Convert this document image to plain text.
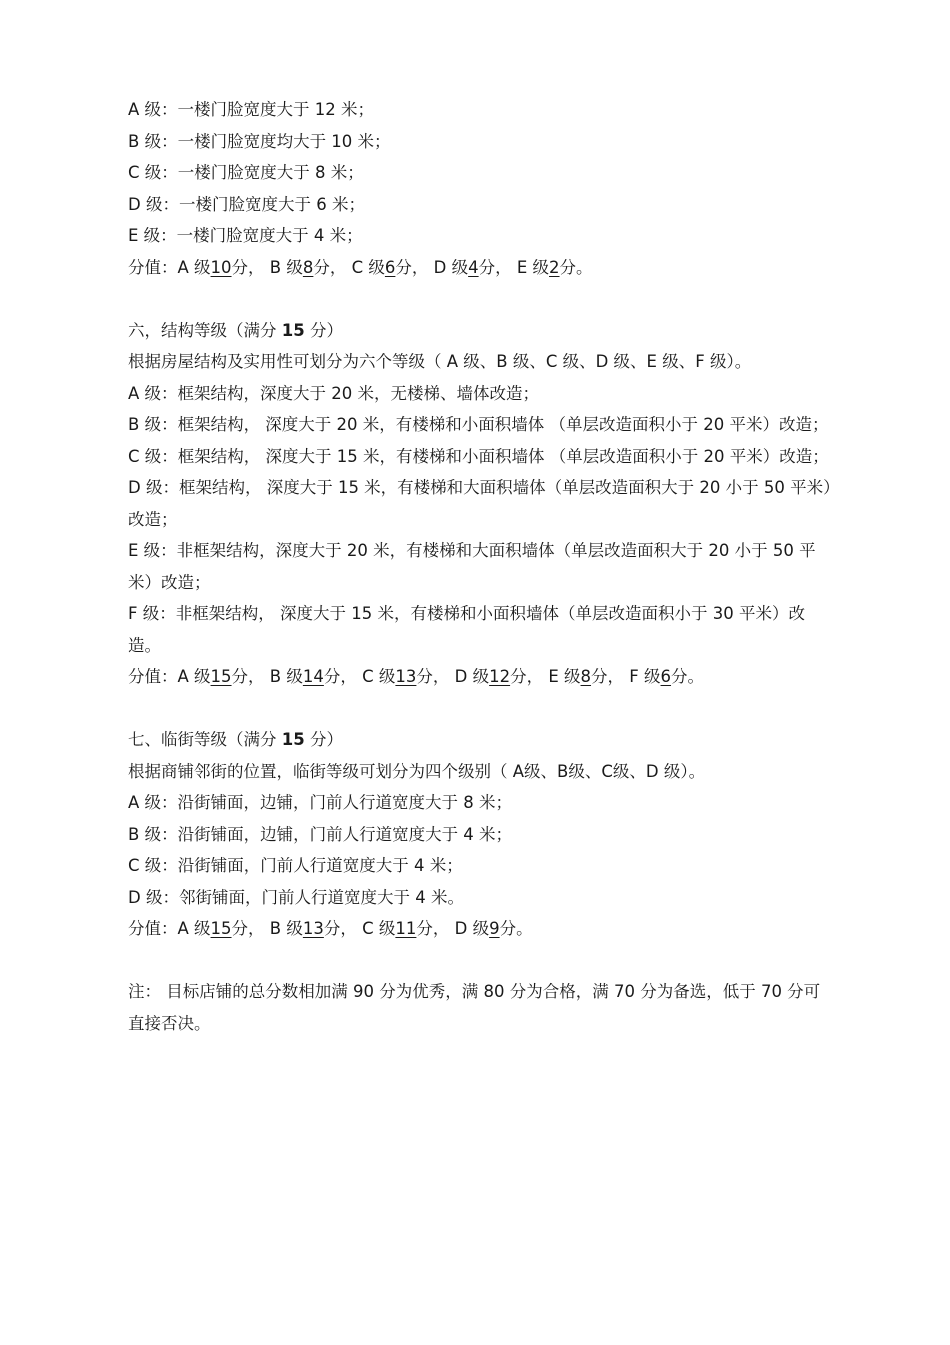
A 级：一楼门脸宽度大于 12 米；
B 级：一楼门脸宽度均大于 10 米；
C 级：一楼门脸宽度大于 8 米；
D 级：一楼门脸宽度大于 6 米；
E 级：一楼门脸宽度大于 4 米；
分值：A 级10分， B 级8分， C 级6分， D 级4分， E 级2分。
六，结构等级（满分 15 分）
根据房屋结构及实用性可划分为六个等级（ A 级、B 级、C 级、D 级、E 级、F 级）。
A 级：框架结构，深度大于 20 米，无楼梯、墙体改造；
B 级：框架结构， 深度大于 20 米，有楼梯和小面积墙体 （单层改造面积小于 20 平米）改造；
C 级：框架结构， 深度大于 15 米，有楼梯和小面积墙体 （单层改造面积小于 20 平米）改造；
D 级：框架结构， 深度大于 15 米，有楼梯和大面积墙体（单层改造面积大于 20 小于 50 平米）改造；
E 级：非框架结构，深度大于 20 米，有楼梯和大面积墙体（单层改造面积大于 20 小于 50 平米）改造；
F 级：非框架结构， 深度大于 15 米，有楼梯和小面积墙体（单层改造面积小于 30 平米）改造。
分值：A 级15分， B 级14分， C 级13分， D 级12分， E 级8分， F 级6分。
七、临街等级（满分 15 分）
根据商铺邻街的位置，临街等级可划分为四个级别（ A级、B级、C级、D 级）。
A 级：沿街铺面，边铺，门前人行道宽度大于 8 米；
B 级：沿街铺面，边铺，门前人行道宽度大于 4 米；
C 级：沿街铺面，门前人行道宽度大于 4 米；
D 级：邻街铺面，门前人行道宽度大于 4 米。
分值：A 级15分， B 级13分， C 级11分， D 级9分。
注： 目标店铺的总分数相加满 90 分为优秀，满 80 分为合格，满 70 分为备选，低于 70 分可直接否决。
